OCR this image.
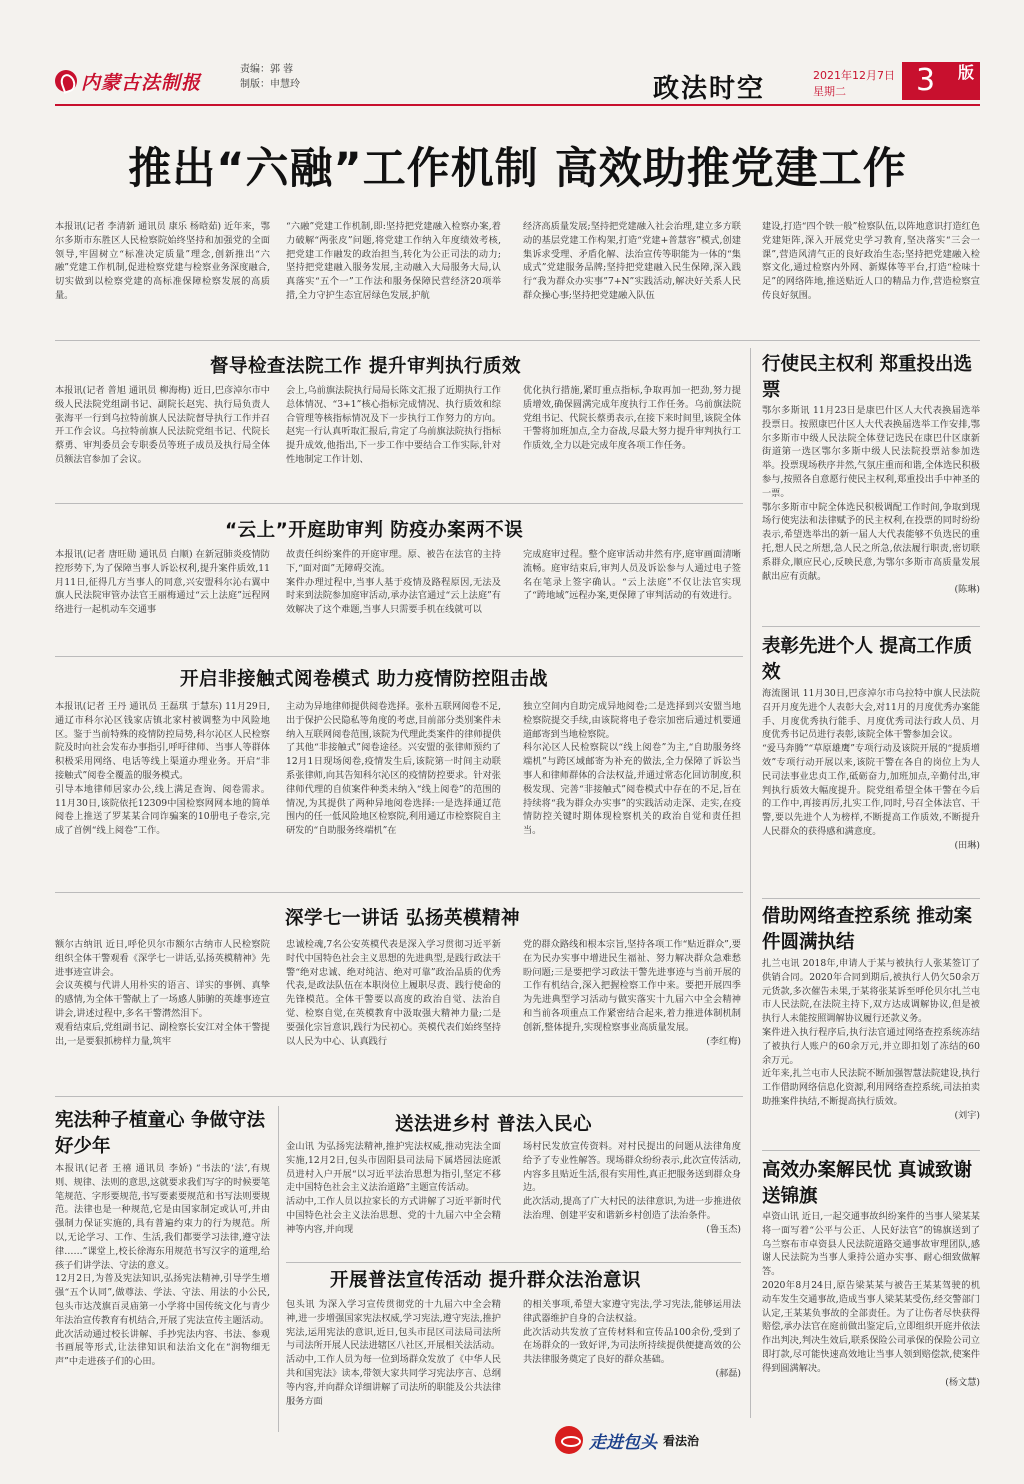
内蒙古法制报
责编：郭 蓉
制版：申慧玲	政法时空	2021年12月7日
星期二	3 版
推出“六融”工作机制 高效助推党建工作
本报讯(记者 李清新 通讯员 康乐 杨晗茹) 近年来，鄂尔多斯市东胜区人民检察院始终坚持和加强党的全面领导,牢固树立“标准决定质量”理念,创新推出“六融”党建工作机制,促进检察党建与检察业务深度融合,切实做到以检察党建的高标准保障检察发展的高质量。
“六融”党建工作机制,即:坚持把党建融入检察办案,着力破解“两张皮”问题,将党建工作纳入年度绩效考核,把党建工作融发的政治担当,转化为公正司法的动力;坚持把党建融入服务发展,主动融入大局服务大局,认真落实“五个一”工作法和服务保障民营经济20项举措,全力守护生态宜居绿色发展,护航
经济高质量发展;坚持把党建融入社会治理,建立多方联动的基层党建工作构架,打造“党建+普慧容”模式,创建集诉求受理、矛盾化解、法治宣传等职能为一体的“集成式”党建服务品牌;坚持把党建融入民生保障,深入践行“我为群众办实事”7+N”实践活动,解决好关系人民群众操心事;坚持把党建融入队伍
建设,打造“四个铁一般”检察队伍,以阵地意识打造红色党建矩阵,深入开展党史学习教育,坚决落实“三会一课”,营造风清气正的良好政治生态;坚持把党建融入检察文化,通过检察内外网、新媒体等平台,打造“检味十足”的网络阵地,推送贴近人口的精品力作,营造检察宣传良好氛围。
督导检查法院工作 提升审判执行质效
本报讯(记者 普旭 通讯员 柳海梅) 近日,巴彦淖尔市中级人民法院党组副书记、副院长赵宪、执行局负责人张海平一行到乌拉特前旗人民法院督导执行工作并召开工作会议。乌拉特前旗人民法院党组书记、代院长蔡勇、审判委员会专职委员等班子成员及执行局全体员额法官参加了会议。
会上,乌前旗法院执行局局长陈文汇报了近期执行工作总体情况、“3+1”核心指标完成情况、执行质效和综合管理等核指标情况及下一步执行工作努力的方向。赵宪一行认真听取汇报后,肯定了乌前旗法院执行指标提升成效,他指出,下一步工作中要结合工作实际,针对性地制定工作计划、
优化执行措施,紧盯重点指标,争取再加一把劲,努力提质增效,确保圆满完成年度执行工作任务。乌前旗法院党组书记、代院长蔡勇表示,在接下来时间里,该院全体干警将加班加点,全力奋战,尽最大努力提升审判执行工作质效,全力以赴完成年度各项工作任务。
“云上”开庭助审判 防疫办案两不误
本报讯(记者 唐旺勋 通讯员 白顺) 在新冠肺炎疫情防控形势下,为了保障当事人诉讼权利,提升案件质效,11月11日,征得几方当事人的同意,兴安盟科尔沁右翼中旗人民法院审管办法官王丽梅通过“云上法庭”远程网络进行一起机动车交通事
故责任纠纷案件的开庭审理。原、被告在法官的主持下,“面对面”无障碍交流。
案件办理过程中,当事人基于疫情及路程原因,无法及时来到法院参加庭审活动,承办法官通过“云上法庭”有效解决了这个难题,当事人只需要手机在线就可以
完成庭审过程。整个庭审活动井然有序,庭审画面清晰流畅。庭审结束后,审判人员及诉讼参与人通过电子签名在笔录上签字确认。“云上法庭”不仅让法官实现了“跨地域”远程办案,更保障了审判活动的有效进行。
开启非接触式阅卷模式 助力疫情防控阻击战
本报讯(记者 王丹 通讯员 王磊琪 于慧东) 11月29日,通辽市科尔沁区钱家店镇北家村被调整为中风险地区。鉴于当前特殊的疫情防控局势,科尔沁区人民检察院及时向社会发布办事指引,呼吁律师、当事人等群体积极采用网络、电话等线上渠道办理业务。开启“非接触式”阅卷全覆盖的服务模式。
引导本地律师居家办公,线上满足查询、阅卷需求。11月30日,该院依托12309中国检察网网本地的简单阅卷上推送了罗某某合同诈骗案的10册电子卷宗,完成了首例“线上阅卷”工作。
主动为异地律师提供阅卷选择。张朴五联网阅卷不足,出于保护公民隐私等角度的考虑,目前部分类别案件未纳入互联网阅卷范围,该院为代理此类案件的律师提供了其他“非接触式”阅卷途径。兴安盟的张律师预约了12月1日现场阅卷,疫情发生后,该院第一时间主动联系张律师,向其告知科尔沁区的疫情防控要求。针对张律师代理的自侦案件种类未纳入“线上阅卷”的范围的情况,为其提供了两种异地阅卷选择:一是选择通辽范围内的任一低风险地区检察院,利用通辽市检察院自主研发的“自助服务终端机”在
独立空间内自助完成异地阅卷;二是选择到兴安盟当地检察院提交手续,由该院将电子卷宗加密后通过机要通道邮寄到当地检察院。
科尔沁区人民检察院以“线上阅卷”为主,“自助服务终端机”与跨区域邮寄为补充的做法,全力保障了诉讼当事人和律师群体的合法权益,并通过常态化回访制度,积极发现、完善“非接触式”阅卷模式中存在的不足,旨在持续将“我为群众办实事”的实践活动走深、走实,在疫情防控关键时期体现检察机关的政治自觉和责任担当。
深学七一讲话 弘扬英模精神
额尔古纳讯 近日,呼伦贝尔市额尔古纳市人民检察院组织全体干警观看《深学七一讲话,弘扬英模精神》先进事迹宣讲会。
会议英模与代讲人用朴实的语言、详实的事例、真挚的感情,为全体干警献上了一场感人肺腑的英雄事迹宣讲会,讲述过程中,多名干警潸然泪下。
观看结束后,党组副书记、副检察长安江对全体干警提出,一是要狠抓榜样力量,筑牢
忠诚检魂,7名公安英模代表是深入学习贯彻习近平新时代中国特色社会主义思想的先进典型,是践行政法干警“绝对忠诚、绝对纯洁、绝对可靠”政治品质的优秀代表,是政法队伍在本职岗位上履职尽责、践行使命的先锋模范。全体干警要以高度的政治自觉、法治自觉、检察自觉,在英模教育中汲取强大精神力量;二是要强化宗旨意识,践行为民初心。英模代表们始终坚持以人民为中心、认真践行
党的群众路线和根本宗旨,坚持各项工作“贴近群众”,要在为民办实事中增进民生福祉、努力解决群众急难愁盼问题;三是要把学习政法干警先进事迹与当前开展的工作有机结合,深入把握检察工作中来。要把开展四季为先进典型学习活动与做实落实十九届六中全会精神和当前各项重点工作紧密结合起来,着力推进体制机制创新,整体提升,实现检察事业高质量发展。
(李红梅)
行使民主权利 郑重投出选票
鄂尔多斯讯 11月23日是康巴什区人大代表换届选举投票日。按照康巴什区人大代表换届选举工作安排,鄂尔多斯市中级人民法院全体登记选民在康巴什区康新街道第一选区鄂尔多斯中级人民法院投票站参加选举。投票现场秩序井然,气氛庄重而和谐,全体选民积极参与,按照各自意愿行使民主权利,郑重投出手中神圣的一票。
鄂尔多斯市中院全体选民积极调配工作时间,争取到现场行使宪法和法律赋予的民主权利,在投票的同时纷纷表示,希望选举出的新一届人大代表能够不负选民的重托,想人民之所想,急人民之所急,依法履行职责,密切联系群众,顺应民心,反映民意,为鄂尔多斯市高质量发展献出应有贡献。
(陈琳)
表彰先进个人 提高工作质效
海流图讯 11月30日,巴彦淖尔市乌拉特中旗人民法院召开月度先进个人表彰大会,对11月的月度优秀办案能手、月度优秀执行能手、月度优秀司法行政人员、月度优秀书记员进行表彰,该院全体干警参加会议。
“爱马奔腾”“草原雄鹰”专项行动及该院开展的“提质增效”专项行动开展以来,该院干警在各自的岗位上为人民司法事业忠贞工作,砥砺奋力,加班加点,辛勤付出,审判执行质效大幅度提升。院党组希望全体干警在今后的工作中,再接再厉,扎实工作,同时,号召全体法官、干警,要以先进个人为榜样,不断提高工作质效,不断提升人民群众的获得感和满意度。
(田琳)
借助网络查控系统 推动案件圆满执结
扎兰屯讯 2018年,申请人于某与被执行人张某签订了供销合同。2020年合同到期后,被执行人仍欠50余万元货款,多次催告未果,于某将张某诉至呼伦贝尔扎兰屯市人民法院,在法院主持下,双方达成调解协议,但是被执行人未能按照调解协议履行还款义务。
案件进入执行程序后,执行法官通过网络查控系统冻结了被执行人账户的60余万元,并立即扣划了冻结的60余万元。
近年来,扎兰屯市人民法院不断加强智慧法院建设,执行工作借助网络信息化资源,利用网络查控系统,司法拍卖助推案件执结,不断提高执行质效。
(刘宇)
高效办案解民忧 真诚致谢送锦旗
卓资山讯 近日,一起交通事故纠纷案件的当事人梁某某将一面写着“公平与公正、人民好法官”的锦旗送到了乌兰察布市卓资县人民法院道路交通事故审理团队,感谢人民法院为当事人秉持公道办实事、耐心细致做解答。
2020年8月24日,原告梁某某与被告王某某驾驶的机动车发生交通事故,造成当事人梁某某受伤,经交警部门认定,王某某负事故的全部责任。为了让伤者尽快获得赔偿,承办法官在庭前做出鉴定后,立即组织开庭并依法作出判决,判决生效后,联系保险公司承保的保险公司立即打款,尽可能快速高效地让当事人领到赔偿款,使案件得到圆满解决。
(杨文慧)
宪法种子植童心 争做守法好少年
本报讯(记者 王禧 通讯员 李娇) “书法的‘法’,有规则、规律、法则的意思,这就要求我们写字的时候要笔笔规范、字形要规范,书写要素要规范和书写法则要规范。法律也是一种规范,它是由国家制定或认可,并由强制力保证实施的,具有普遍约束力的行为规范。所以,无论学习、工作、生活,我们都要学习法律,遵守法律……”课堂上,校长徐海东用规范书写汉字的道理,给孩子们讲学法、守法的意义。
12月2日,为普及宪法知识,弘扬宪法精神,引导学生增强“五个认同”,做尊法、学法、守法、用法的小公民,包头市达茂旗百灵庙第一小学将中国传统文化与青少年法治宣传教育有机结合,开展了宪法宣传主题活动。
此次活动通过校长讲解、手抄宪法内容、书法、参观书画展等形式,让法律知识和法治文化在“润物细无声”中走进孩子们的心田。
送法进乡村 普法入民心
金山讯 为弘扬宪法精神,推护宪法权威,推动宪法全面实施,12月2日,包头市固阳县司法局下属塔园法庭派员进村入户开展“以习近平法治思想为指引,坚定不移走中国特色社会主义法治道路”主题宣传活动。
活动中,工作人员以拉家长的方式讲解了习近平新时代中国特色社会主义法治思想、党的十九届六中全会精神等内容,并向现
场村民发放宣传资料。对村民提出的问题从法律角度给予了专业性解答。现场群众纷纷表示,此次宣传活动,内容多且贴近生活,很有实用性,真正把服务送到群众身边。
此次活动,提高了广大村民的法律意识,为进一步推进依法治理、创建平安和谐新乡村创造了法治条件。
(鲁玉杰)
开展普法宣传活动 提升群众法治意识
包头讯 为深入学习宣传贯彻党的十九届六中全会精神,进一步增强国家宪法权威,学习宪法,遵守宪法,推护宪法,运用宪法的意识,近日,包头市昆区司法局司法所与司法所开展人民法进辖区八社区,开展相关法活动。
活动中,工作人员为每一位到场群众发放了《中华人民共和国宪法》读本,带领大家共同学习宪法序言、总纲等内容,并向群众详细讲解了司法所的职能及公共法律服务方面
的相关事项,希望大家遵守宪法,学习宪法,能够运用法律武器维护自身的合法权益。
此次活动共发放了宣传材料和宣传品100余份,受到了在场群众的一致好评,为司法所持续提供便捷高效的公共法律服务奠定了良好的群众基础。
(郝磊)
走进包头 看法治
